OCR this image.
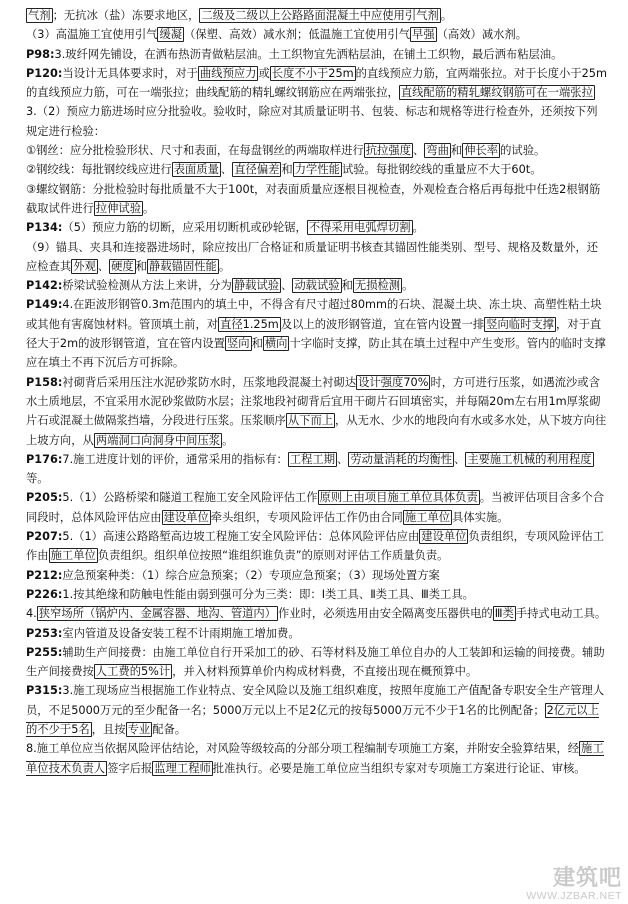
气剂 ；无抗冰（盐）冻要求地区， 二级及二级以上公路路面混凝土中应使用引气剂 。

（3）高温施工宜使用引气 缓凝 （保塑、高效）减水剂；低温施工宜使用引气 早强 （高效）减水剂。

P98:3.玻纤网先铺设，在洒布热沥青做粘层油。土工织物宜先洒粘层油，在铺土工织物，最后洒布粘层油。

P120:当设计无具体要求时，对于 曲线预应力 或 长度不小于25m 的直线预应力筋，宜两端张拉。对于长度小于25m的直线预应力筋，可在一端张拉；曲线配筋的精轧螺纹钢筋应在两端张拉， 直线配筋的精轧螺纹钢筋可在一端张拉

3.（2）预应力筋进场时应分批验收。验收时，除应对其质量证明书、包装、标志和规格等进行检查外，还须按下列规定进行检验：

①钢丝：应分批检验形状、尺寸和表面，在每盘钢丝的两端取样进行 抗拉强度 、 弯曲 和 伸长率 的试验。

②钢绞线：每批钢绞线应进行 表面质量 、 直径偏差 和 力学性能 试验。每批钢绞线的重量应不大于60t。

③螺纹钢筋：分批检验时每批质量不大于100t，对表面质量应逐根目视检查，外观检查合格后再每批中任选2根钢筋截取试件进行 拉伸试验 。

P134:（5）预应力筋的切断，应采用切断机或砂轮锯， 不得采用电弧焊切割 。

（9）锚具、夹具和连接器进场时，除应按出厂合格证和质量证明书核查其锚固性能类别、型号、规格及数量外，还应检查其 外观 、 硬度 和 静载锚固性能 。

P142:桥梁试验检测从方法上来讲，分为 静载试验 、 动载试验 和 无损检测 。

P149:4.在距波形钢管0.3m范围内的填土中，不得含有尺寸超过80mm的石块、混凝土块、冻土块、高塑性粘土块或其他有害腐蚀材料。管顶填土前，对 直径1.25m 及以上的波形钢管道，宜在管内设置一排 竖向临时支撑 ，对于直径大于2m的波形钢管道，宜在管内设置 竖向 和 横向 十字临时支撑，防止其在填土过程中产生变形。管内的临时支撑应在填土不再下沉后方可拆除。

P158:衬砌背后采用压注水泥砂浆防水时，压浆地段混凝土衬砌达 设计强度70% 时，方可进行压浆，如遇流沙或含水土质地层，不宜采用水泥砂浆做防水层；注浆地段衬砌背后宜用干砌片石回填密实，并每隔20m左右用1m厚浆砌片石或混凝土做隔浆挡墙，分段进行压浆。压浆顺序 从下而上 ，从无水、少水的地段向有水或多水处，从下坡方向往上坡方向，从 两端洞口向洞身中间压浆 。

P176:7.施工进度计划的评价，通常采用的指标有： 工程工期 、 劳动量消耗的均衡性 、 主要施工机械的利用程度等。

P205:5.（1）公路桥梁和隧道工程施工安全风险评估工作 原则上由项目施工单位具体负责 。当被评估项目含多个合同段时，总体风险评估应由 建设单位 牵头组织，专项风险评估工作仍由合同 施工单位 具体实施。

P207:5.（1）高速公路路堑高边坡工程施工安全风险评估：总体风险评估应由 建设单位 负责组织，专项风险评估工作由 施工单位 负责组织。组织单位按照“谁组织谁负责”的原则对评估工作质量负责。

P212:应急预案种类：（1）综合应急预案；（2）专项应急预案；（3）现场处置方案

P226:1.按其绝缘和防触电性能由弱到强可分为三类：即：Ⅰ类工具、Ⅱ类工具、Ⅲ类工具。

4. 狭窄场所（锅炉内、金属容器、地沟、管道内） 作业时，必须选用由安全隔离变压器供电的 Ⅲ类 手持式电动工具。

P253:室内管道及设备安装工程不计雨期施工增加费。

P255:辅助生产间接费：由施工单位自行开采加工的砂、石等材料及施工单位自办的人工装卸和运输的间接费。辅助生产间接费按 人工费的5%计 ，并入材料预算单价内构成材料费，不直接出现在概预算中。

P315:3.施工现场应当根据施工作业特点、安全风险以及施工组织难度，按照年度施工产值配备专职安全生产管理人员，不足5000万元的至少配备一名；5000万元以上不足2亿元的按每5000万元不少于1名的比例配备； 2亿元以上的不少于5名 ，且按 专业 配备。

8.施工单位应当依据风险评估结论，对风险等级较高的分部分项工程编制专项施工方案，并附安全验算结果，经 施工单位技术负责人 签字后报 监理工程师 批准执行。必要是施工单位应当组织专家对专项施工方案进行论证、审核。

建筑吧
WWW.JZBAR.NET
